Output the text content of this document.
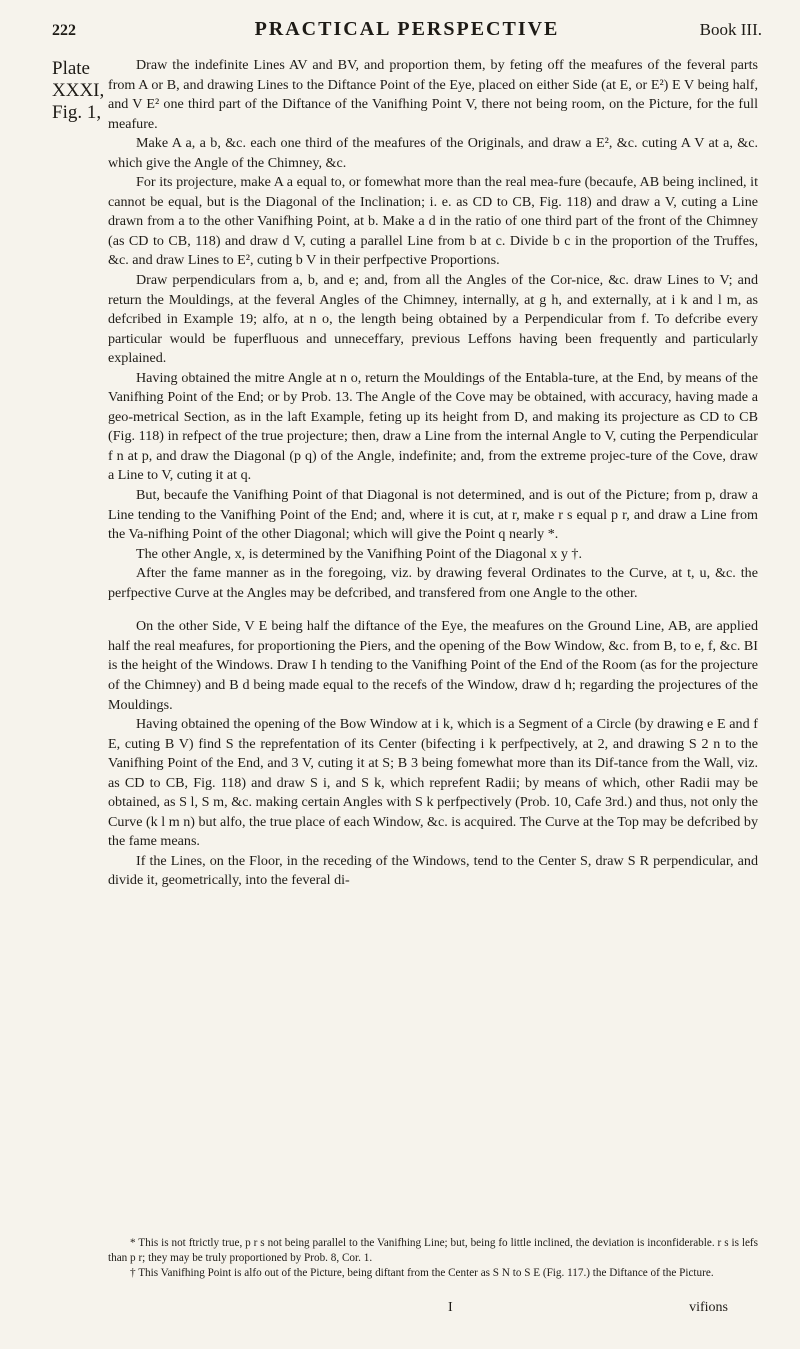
222	PRACTICAL PERSPECTIVE	Book III.
Plate
XXXI,
Fig. 1,

Draw the indefinite Lines AV and BV, and proportion them, by feting off the meafures of the feveral parts from A or B, and drawing Lines to the Diftance Point of the Eye, placed on either Side (at E, or E²) E V being half, and V E² one third part of the Diftance of the Vanifhing Point V, there not being room, on the Picture, for the full meafure.

Make A a, a b, &c. each one third of the meafures of the Originals, and draw a E², &c. cuting A V at a, &c. which give the Angle of the Chimney, &c.

For its projecture, make A a equal to, or fomewhat more than the real mea-fure (becaufe, AB being inclined, it cannot be equal, but is the Diagonal of the Inclination; i. e. as CD to CB, Fig. 118) and draw a V, cuting a Line drawn from a to the other Vanifhing Point, at b. Make a d in the ratio of one third part of the front of the Chimney (as CD to CB, 118) and draw d V, cuting a parallel Line from b at c. Divide b c in the proportion of the Truffes, &c. and draw Lines to E², cuting b V in their perfpective Proportions.

Draw perpendiculars from a, b, and e; and, from all the Angles of the Cor-nice, &c. draw Lines to V; and return the Mouldings, at the feveral Angles of the Chimney, internally, at g h, and externally, at i k and l m, as defcribed in Example 19; alfo, at n o, the length being obtained by a Perpendicular from f. To defcribe every particular would be fuperfluous and unneceffary, previous Leffons having been frequently and particularly explained.

Having obtained the mitre Angle at n o, return the Mouldings of the Entabla-ture, at the End, by means of the Vanifhing Point of the End; or by Prob. 13. The Angle of the Cove may be obtained, with accuracy, having made a geo-metrical Section, as in the laft Example, feting up its height from D, and making its projecture as CD to CB (Fig. 118) in refpect of the true projecture; then, draw a Line from the internal Angle to V, cuting the Perpendicular f n at p, and draw the Diagonal (p q) of the Angle, indefinite; and, from the extreme projec-ture of the Cove, draw a Line to V, cuting it at q.

But, becaufe the Vanifhing Point of that Diagonal is not determined, and is out of the Picture; from p, draw a Line tending to the Vanifhing Point of the End; and, where it is cut, at r, make r s equal p r, and draw a Line from the Va-nifhing Point of the other Diagonal; which will give the Point q nearly *.

The other Angle, x, is determined by the Vanifhing Point of the Diagonal x y †.

After the fame manner as in the foregoing, viz. by drawing feveral Ordinates to the Curve, at t, u, &c. the perfpective Curve at the Angles may be defcribed, and transfered from one Angle to the other.

On the other Side, V E being half the diftance of the Eye, the meafures on the Ground Line, AB, are applied half the real meafures, for proportioning the Piers, and the opening of the Bow Window, &c. from B, to e, f, &c. BI is the height of the Windows. Draw I h tending to the Vanifhing Point of the End of the Room (as for the projecture of the Chimney) and B d being made equal to the recefs of the Window, draw d h; regarding the projectures of the Mouldings.

Having obtained the opening of the Bow Window at i k, which is a Segment of a Circle (by drawing e E and f E, cuting B V) find S the reprefentation of its Center (bifecting i k perfpectively, at 2, and drawing S 2 n to the Vanifhing Point of the End, and 3 V, cuting it at S; B 3 being fomewhat more than its Dif-tance from the Wall, viz. as CD to CB, Fig. 118) and draw S i, and S k, which reprefent Radii; by means of which, other Radii may be obtained, as S l, S m, &c. making certain Angles with S k perfpectively (Prob. 10, Cafe 3rd.) and thus, not only the Curve (k l m n) but alfo, the true place of each Window, &c. is acquired. The Curve at the Top may be defcribed by the fame means.

If the Lines, on the Floor, in the receding of the Windows, tend to the Center S, draw S R perpendicular, and divide it, geometrically, into the feveral di-

* This is not ftrictly true, p r s not being parallel to the Vanifhing Line; but, being fo little inclined, the deviation is inconfiderable. r s is lefs than p r; they may be truly proportioned by Prob. 8, Cor. 1.

† This Vanifhing Point is alfo out of the Picture, being diftant from the Center as S N to S E (Fig. 117.) the Diftance of the Picture.

I	vifions
